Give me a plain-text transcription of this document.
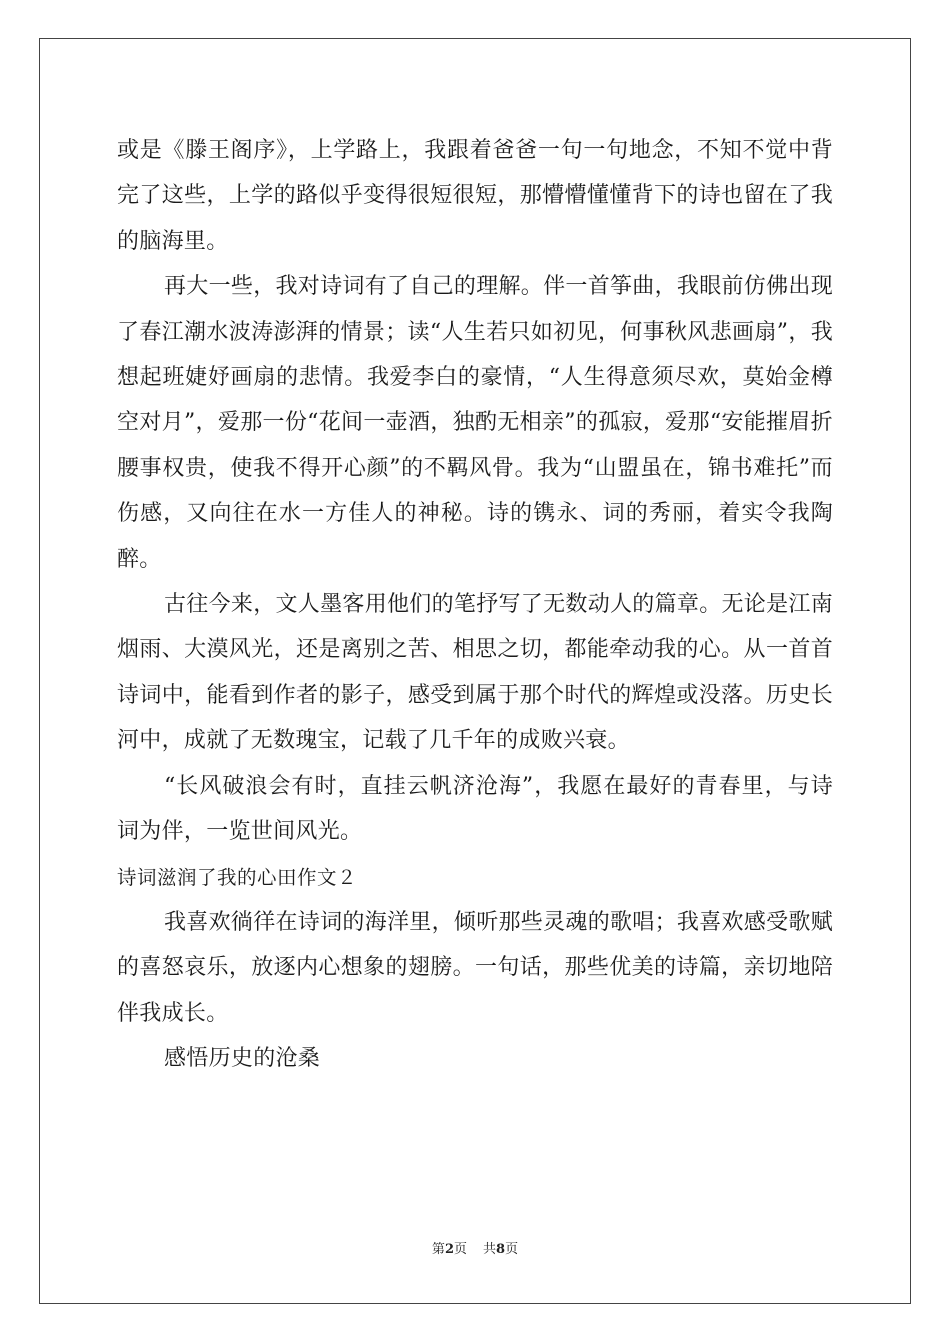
或是《滕王阁序》，上学路上，我跟着爸爸一句一句地念，不知不觉中背完了这些，上学的路似乎变得很短很短，那懵懵懂懂背下的诗也留在了我的脑海里。

再大一些，我对诗词有了自己的理解。伴一首筝曲，我眼前仿佛出现了春江潮水波涛澎湃的情景；读“人生若只如初见，何事秋风悲画扇”，我想起班婕妤画扇的悲情。我爱李白的豪情，“人生得意须尽欢，莫始金樽空对月”，爱那一份“花间一壶酒，独酌无相亲”的孤寂，爱那“安能摧眉折腰事权贵，使我不得开心颜”的不羁风骨。我为“山盟虽在，锦书难托”而伤感，又向往在水一方佳人的神秘。诗的镌永、词的秀丽，着实令我陶醉。

古往今来，文人墨客用他们的笔抒写了无数动人的篇章。无论是江南烟雨、大漠风光，还是离别之苦、相思之切，都能牵动我的心。从一首首诗词中，能看到作者的影子，感受到属于那个时代的辉煌或没落。历史长河中，成就了无数瑰宝，记载了几千年的成败兴衰。

“长风破浪会有时，直挂云帆济沧海”，我愿在最好的青春里，与诗词为伴，一览世间风光。

诗词滋润了我的心田作文２

我喜欢徜徉在诗词的海洋里，倾听那些灵魂的歌唱；我喜欢感受歌赋的喜怒哀乐，放逐内心想象的翅膀。一句话，那些优美的诗篇，亲切地陪伴我成长。

感悟历史的沧桑

第2页 共8页
